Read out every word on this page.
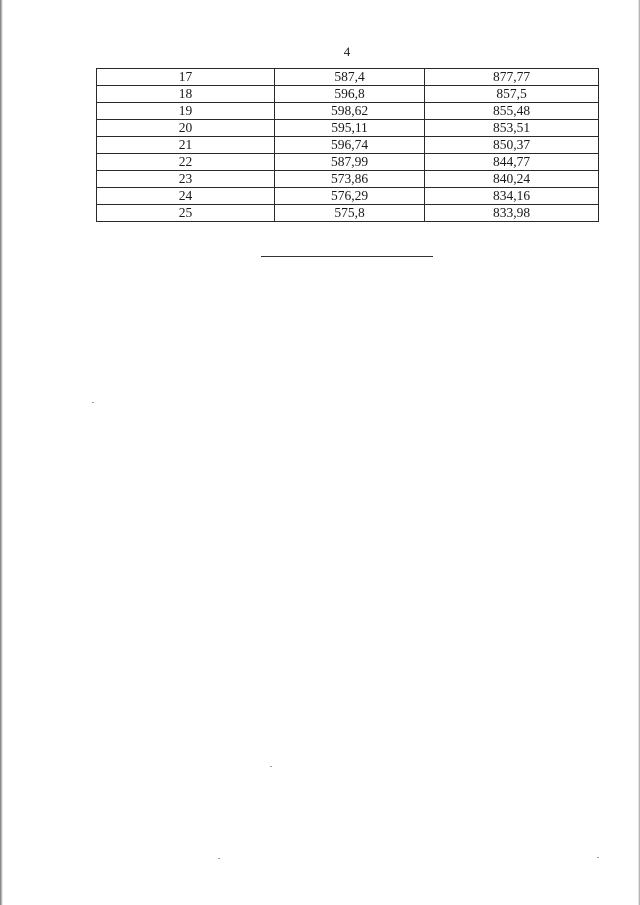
4
17	587,4	877,77
18	596,8	857,5
19	598,62	855,48
20	595,11	853,51
21	596,74	850,37
22	587,99	844,77
23	573,86	840,24
24	576,29	834,16
25	575,8	833,98
